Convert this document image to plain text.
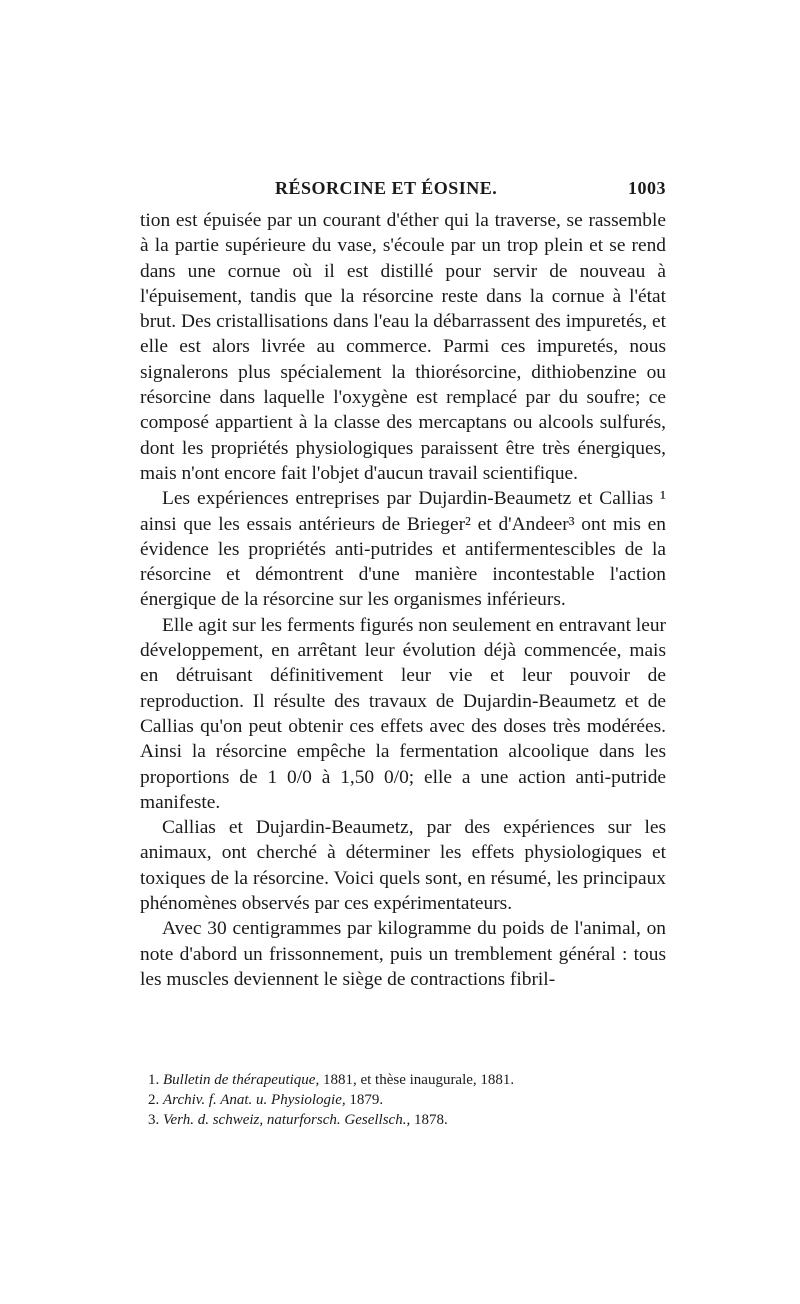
RÉSORCINE ET ÉOSINE.	1003

tion est épuisée par un courant d'éther qui la traverse, se rassemble à la partie supérieure du vase, s'écoule par un trop plein et se rend dans une cornue où il est distillé pour servir de nouveau à l'épuisement, tandis que la résorcine reste dans la cornue à l'état brut. Des cristallisations dans l'eau la débarrassent des impuretés, et elle est alors livrée au commerce. Parmi ces impuretés, nous signalerons plus spécialement la thiorésorcine, dithiobenzine ou résorcine dans laquelle l'oxygène est remplacé par du soufre; ce composé appartient à la classe des mercaptans ou alcools sulfurés, dont les propriétés physiologiques paraissent être très énergiques, mais n'ont encore fait l'objet d'aucun travail scientifique.

Les expériences entreprises par Dujardin-Beaumetz et Callias ¹ ainsi que les essais antérieurs de Brieger² et d'Andeer³ ont mis en évidence les propriétés anti-putrides et antifermentescibles de la résorcine et démontrent d'une manière incontestable l'action énergique de la résorcine sur les organismes inférieurs.

Elle agit sur les ferments figurés non seulement en entravant leur développement, en arrêtant leur évolution déjà commencée, mais en détruisant définitivement leur vie et leur pouvoir de reproduction. Il résulte des travaux de Dujardin-Beaumetz et de Callias qu'on peut obtenir ces effets avec des doses très modérées. Ainsi la résorcine empêche la fermentation alcoolique dans les proportions de 1 0/0 à 1,50 0/0; elle a une action anti-putride manifeste.

Callias et Dujardin-Beaumetz, par des expériences sur les animaux, ont cherché à déterminer les effets physiologiques et toxiques de la résorcine. Voici quels sont, en résumé, les principaux phénomènes observés par ces expérimentateurs.

Avec 30 centigrammes par kilogramme du poids de l'animal, on note d'abord un frissonnement, puis un tremblement général : tous les muscles deviennent le siège de contractions fibril-

1. Bulletin de thérapeutique, 1881, et thèse inaugurale, 1881.

2. Archiv. f. Anat. u. Physiologie, 1879.

3. Verh. d. schweiz, naturforsch. Gesellsch., 1878.
